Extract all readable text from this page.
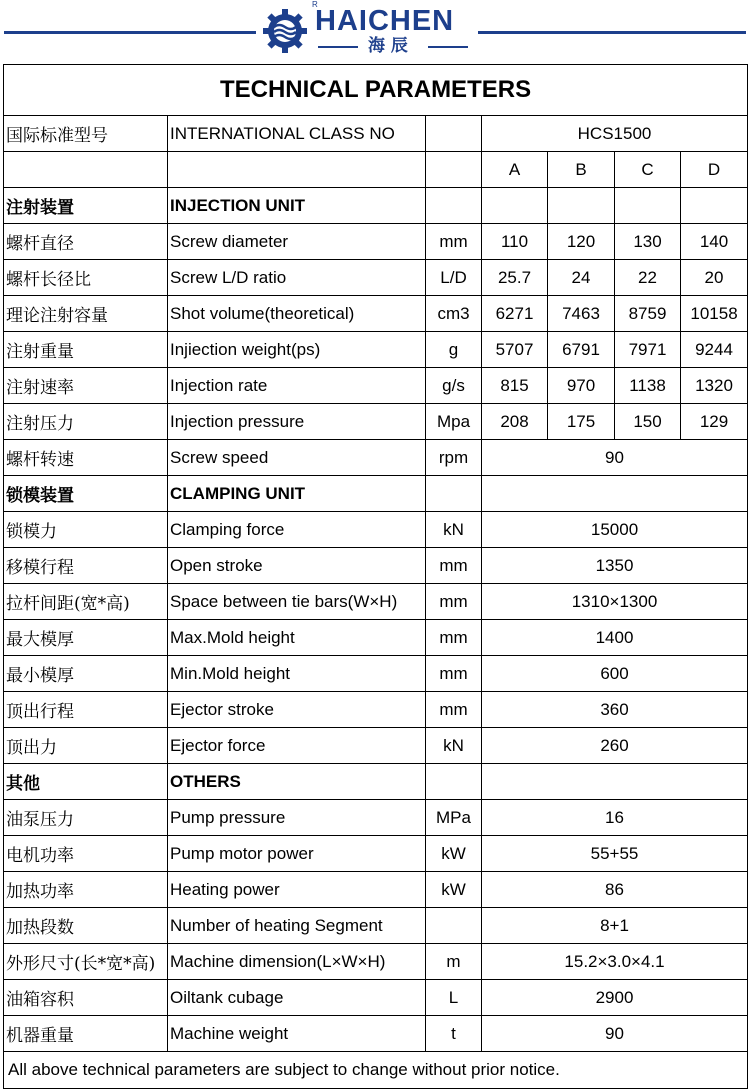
R
HAICHEN
海 辰
TECHNICAL PARAMETERS						
国际标准型号	INTERNATIONAL CLASS NO		HCS1500			
			A	B	C	D
注射装置	INJECTION UNIT					
螺杆直径	Screw diameter	mm	110	120	130	140
螺杆长径比	Screw L/D ratio	L/D	25.7	24	22	20
理论注射容量	Shot volume(theoretical)	cm3	6271	7463	8759	10158
注射重量	Injiection weight(ps)	g	5707	6791	7971	9244
注射速率	Injection rate	g/s	815	970	1138	1320
注射压力	Injection pressure	Mpa	208	175	150	129
螺杆转速	Screw speed	rpm	90			
锁模装置	CLAMPING UNIT					
锁模力	Clamping force	kN	15000			
移模行程	Open stroke	mm	1350			
拉杆间距(宽*高)	Space between tie bars(W×H)	mm	1310×1300			
最大模厚	Max.Mold height	mm	1400			
最小模厚	Min.Mold height	mm	600			
顶出行程	Ejector stroke	mm	360			
顶出力	Ejector force	kN	260			
其他	OTHERS					
油泵压力	Pump pressure	MPa	16			
电机功率	Pump motor power	kW	55+55			
加热功率	Heating power	kW	86			
加热段数	Number of heating Segment		8+1			
外形尺寸(长*宽*高)	Machine dimension(L×W×H)	m	15.2×3.0×4.1			
油箱容积	Oiltank cubage	L	2900			
机器重量	Machine weight	t	90			
All above technical parameters are subject to change without prior notice.						
